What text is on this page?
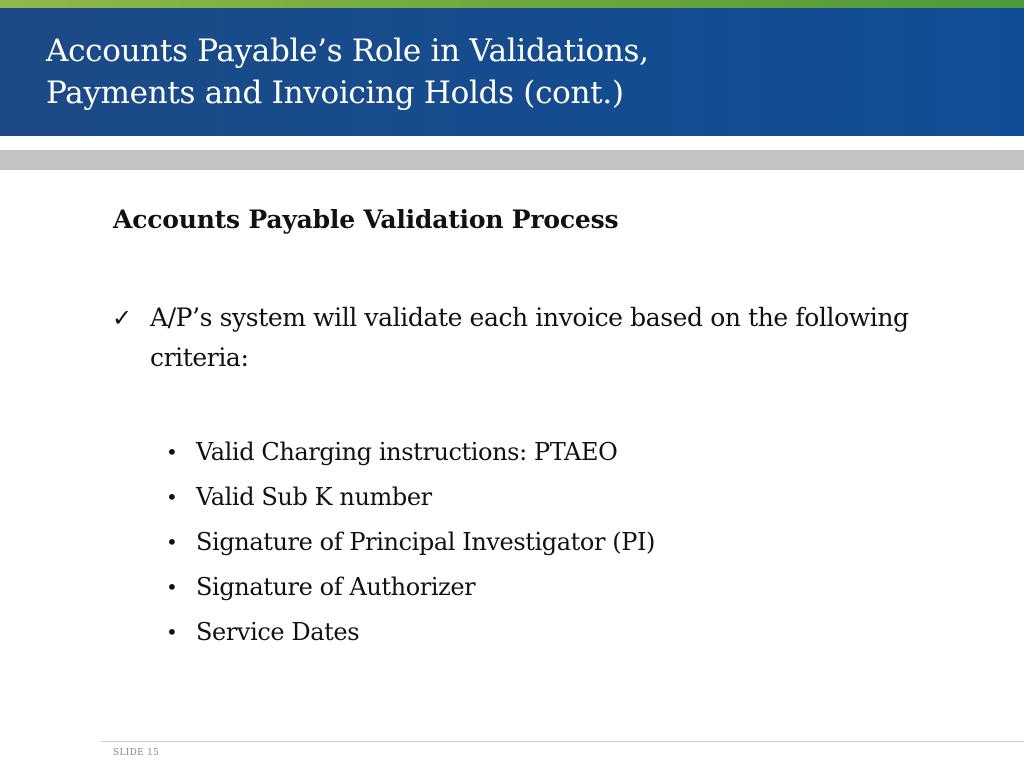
Accounts Payable’s Role in Validations,
Payments and Invoicing Holds (cont.)
Accounts Payable Validation Process
✓ A/P’s system will validate each invoice based on the following criteria:
• Valid Charging instructions: PTAEO
• Valid Sub K number
• Signature of Principal Investigator (PI)
• Signature of Authorizer
• Service Dates
SLIDE 15
